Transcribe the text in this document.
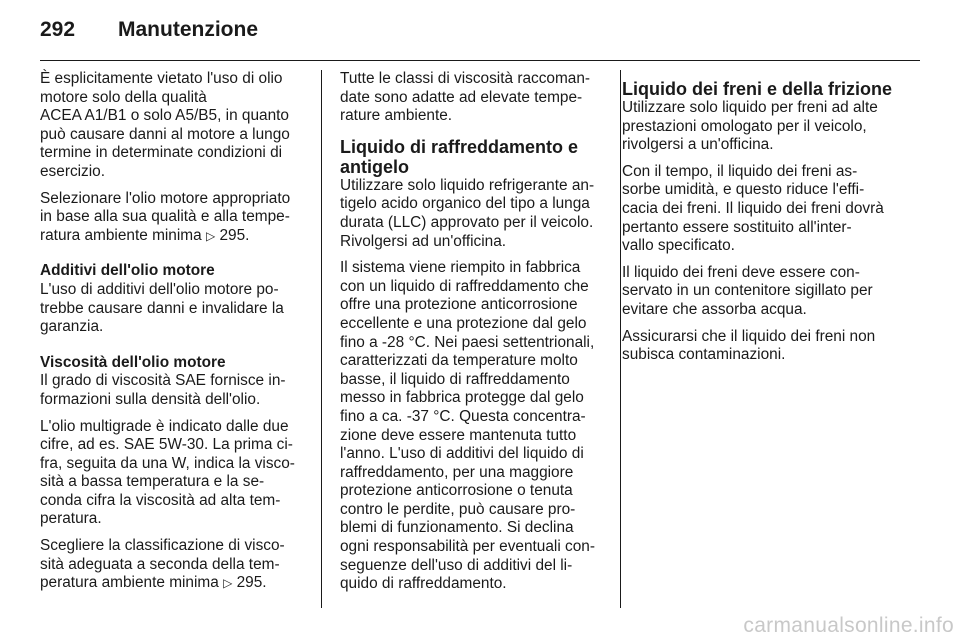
292 Manutenzione
È esplicitamente vietato l'uso di olio
motore solo della qualità
ACEA A1/B1 o solo A5/B5, in quanto
può causare danni al motore a lungo
termine in determinate condizioni di
esercizio.
Selezionare l'olio motore appropriato
in base alla sua qualità e alla tempe-
ratura ambiente minima ▷ 295.
Additivi dell'olio motore
L'uso di additivi dell'olio motore po-
trebbe causare danni e invalidare la
garanzia.
Viscosità dell'olio motore
Il grado di viscosità SAE fornisce in-
formazioni sulla densità dell'olio.
L'olio multigrade è indicato dalle due
cifre, ad es. SAE 5W-30. La prima ci-
fra, seguita da una W, indica la visco-
sità a bassa temperatura e la se-
conda cifra la viscosità ad alta tem-
peratura.
Scegliere la classificazione di visco-
sità adeguata a seconda della tem-
peratura ambiente minima ▷ 295.
Tutte le classi di viscosità raccoman-
date sono adatte ad elevate tempe-
rature ambiente.
Liquido di raffreddamento e
antigelo
Utilizzare solo liquido refrigerante an-
tigelo acido organico del tipo a lunga
durata (LLC) approvato per il veicolo.
Rivolgersi ad un'officina.
Il sistema viene riempito in fabbrica
con un liquido di raffreddamento che
offre una protezione anticorrosione
eccellente e una protezione dal gelo
fino a -28 °C. Nei paesi settentrionali,
caratterizzati da temperature molto
basse, il liquido di raffreddamento
messo in fabbrica protegge dal gelo
fino a ca. -37 °C. Questa concentra-
zione deve essere mantenuta tutto
l'anno. L'uso di additivi del liquido di
raffreddamento, per una maggiore
protezione anticorrosione o tenuta
contro le perdite, può causare pro-
blemi di funzionamento. Si declina
ogni responsabilità per eventuali con-
seguenze dell'uso di additivi del li-
quido di raffreddamento.
Liquido dei freni e della frizione
Utilizzare solo liquido per freni ad alte
prestazioni omologato per il veicolo,
rivolgersi a un'officina.
Con il tempo, il liquido dei freni as-
sorbe umidità, e questo riduce l'effi-
cacia dei freni. Il liquido dei freni dovrà
pertanto essere sostituito all'inter-
vallo specificato.
Il liquido dei freni deve essere con-
servato in un contenitore sigillato per
evitare che assorba acqua.
Assicurarsi che il liquido dei freni non
subisca contaminazioni.
carmanualsonline.info
